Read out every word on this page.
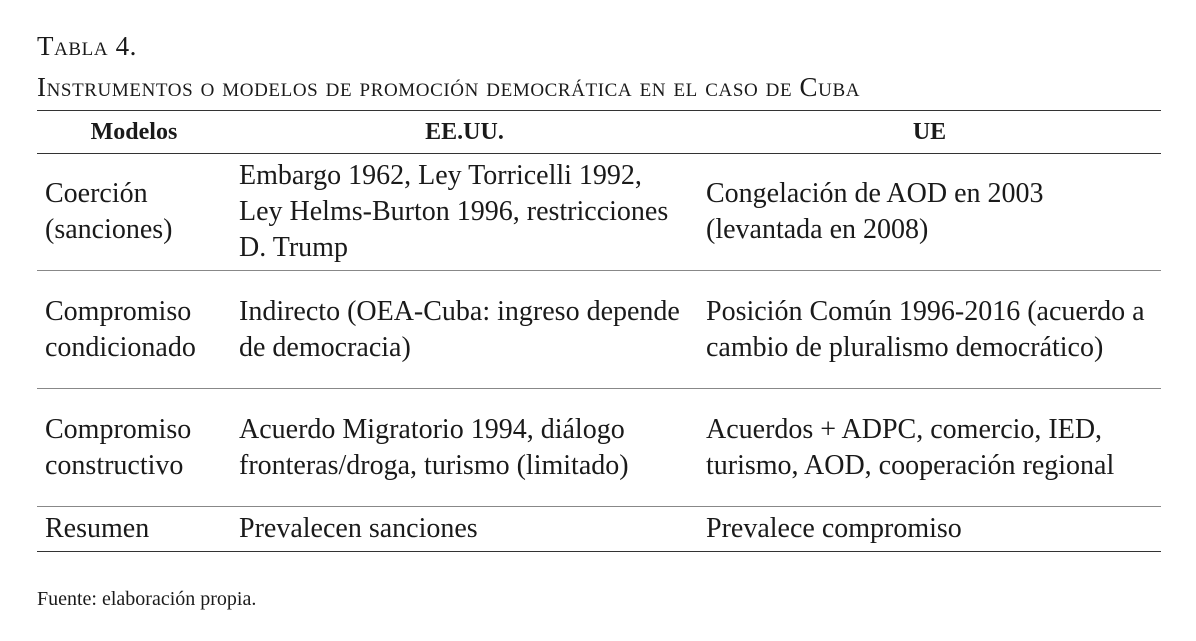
Tabla 4.
Instrumentos o modelos de promoción democrática en el caso de Cuba
Modelos	EE.UU.	UE
Coerción (sanciones)	Embargo 1962, Ley Torricelli 1992, Ley Helms-Burton 1996, restricciones D. Trump	Congelación de AOD en 2003 (levantada en 2008)
Compromiso condicionado	Indirecto (OEA-Cuba: ingreso depende de democracia)	Posición Común 1996-2016 (acuerdo a cambio de pluralismo democrático)
Compromiso constructivo	Acuerdo Migratorio 1994, diálogo fronteras/droga, turismo (limitado)	Acuerdos + ADPC, comercio, IED, turismo, AOD, cooperación regional
Resumen	Prevalecen sanciones	Prevalece compromiso
Fuente: elaboración propia.
